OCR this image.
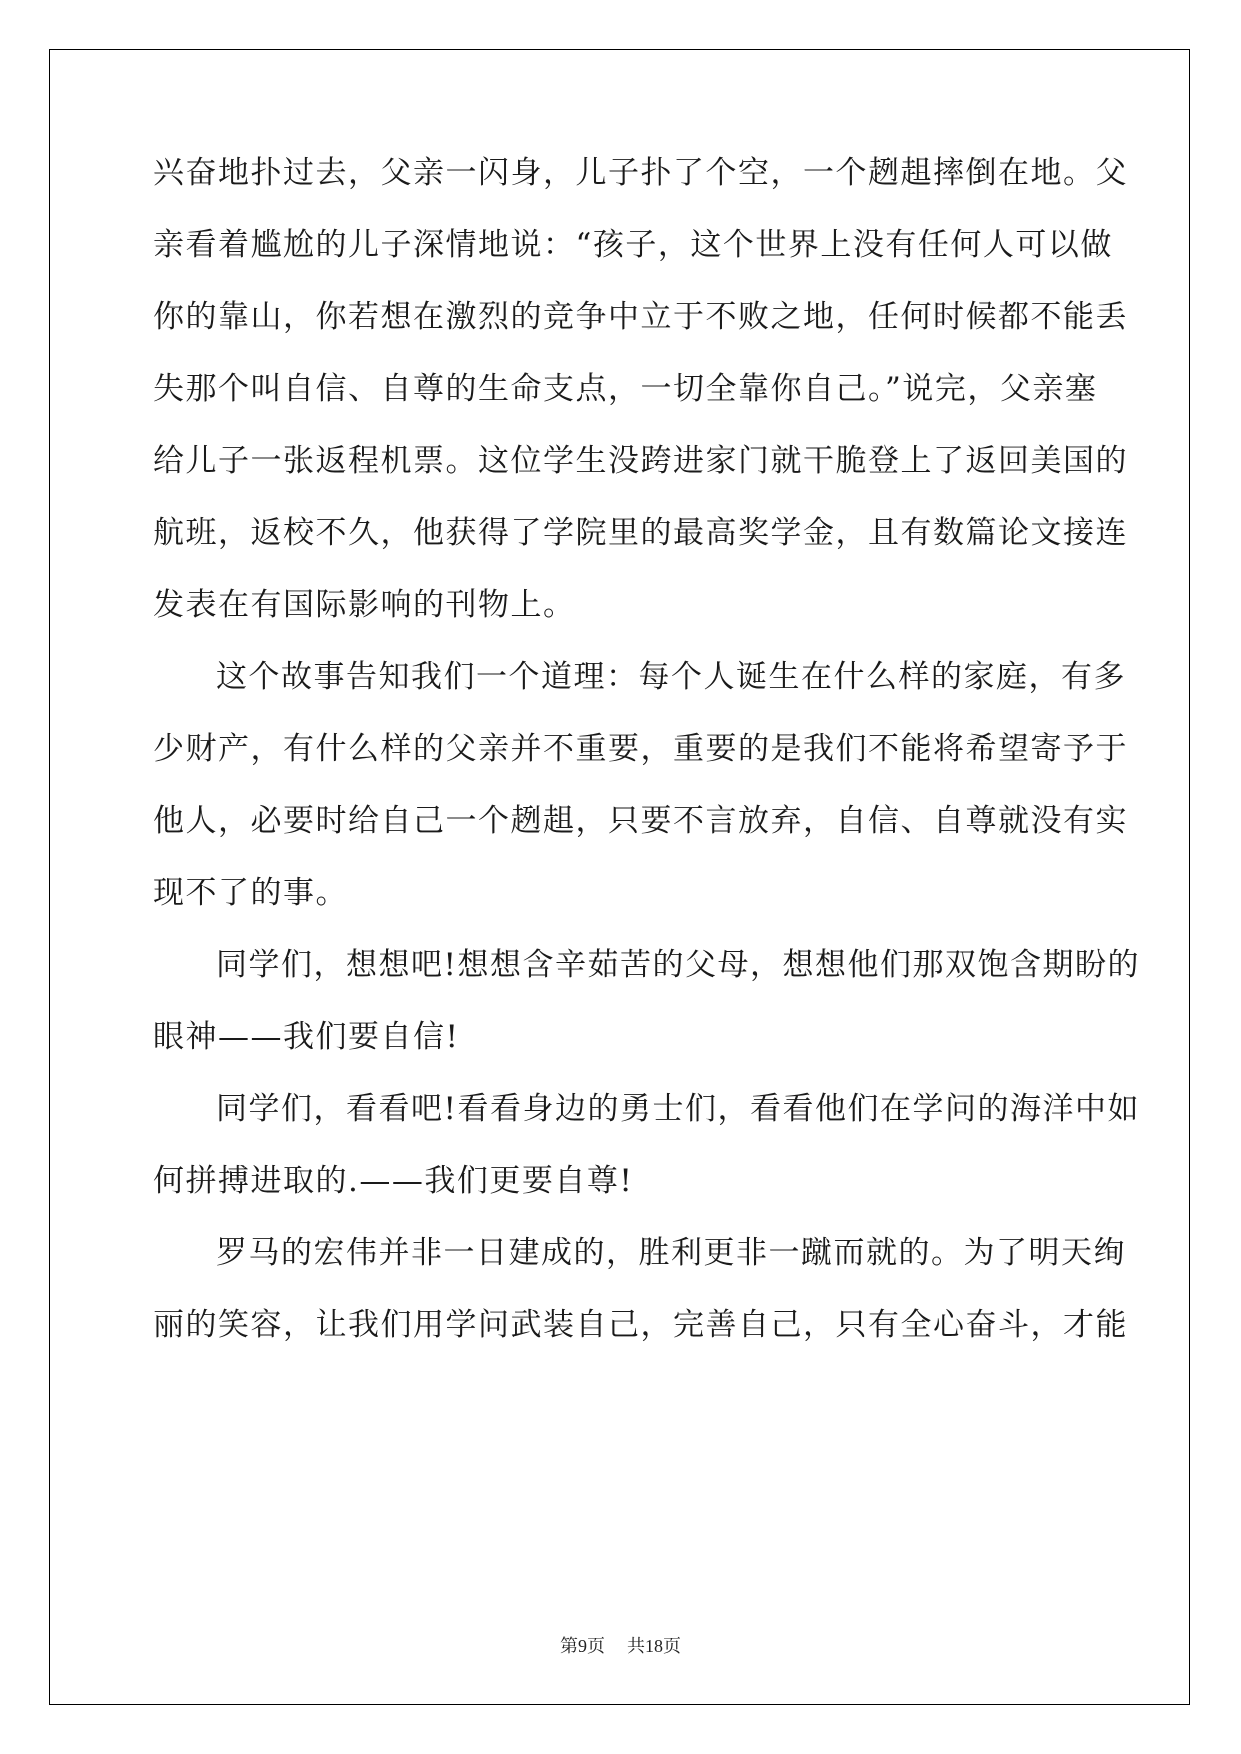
兴奋地扑过去，父亲一闪身，儿子扑了个空，一个趔趄摔倒在地。父
亲看着尴尬的儿子深情地说：“孩子，这个世界上没有任何人可以做
你的靠山，你若想在激烈的竞争中立于不败之地，任何时候都不能丢
失那个叫自信、自尊的生命支点，一切全靠你自己。”说完，父亲塞
给儿子一张返程机票。这位学生没跨进家门就干脆登上了返回美国的
航班，返校不久，他获得了学院里的最高奖学金，且有数篇论文接连
发表在有国际影响的刊物上。
这个故事告知我们一个道理：每个人诞生在什么样的家庭，有多
少财产，有什么样的父亲并不重要，重要的是我们不能将希望寄予于
他人，必要时给自己一个趔趄，只要不言放弃，自信、自尊就没有实
现不了的事。
同学们，想想吧!想想含辛茹苦的父母，想想他们那双饱含期盼的
眼神——我们要自信!
同学们，看看吧!看看身边的勇士们，看看他们在学问的海洋中如
何拼搏进取的.——我们更要自尊!
罗马的宏伟并非一日建成的，胜利更非一蹴而就的。为了明天绚
丽的笑容，让我们用学问武装自己，完善自己，只有全心奋斗，才能
第9页 共18页
